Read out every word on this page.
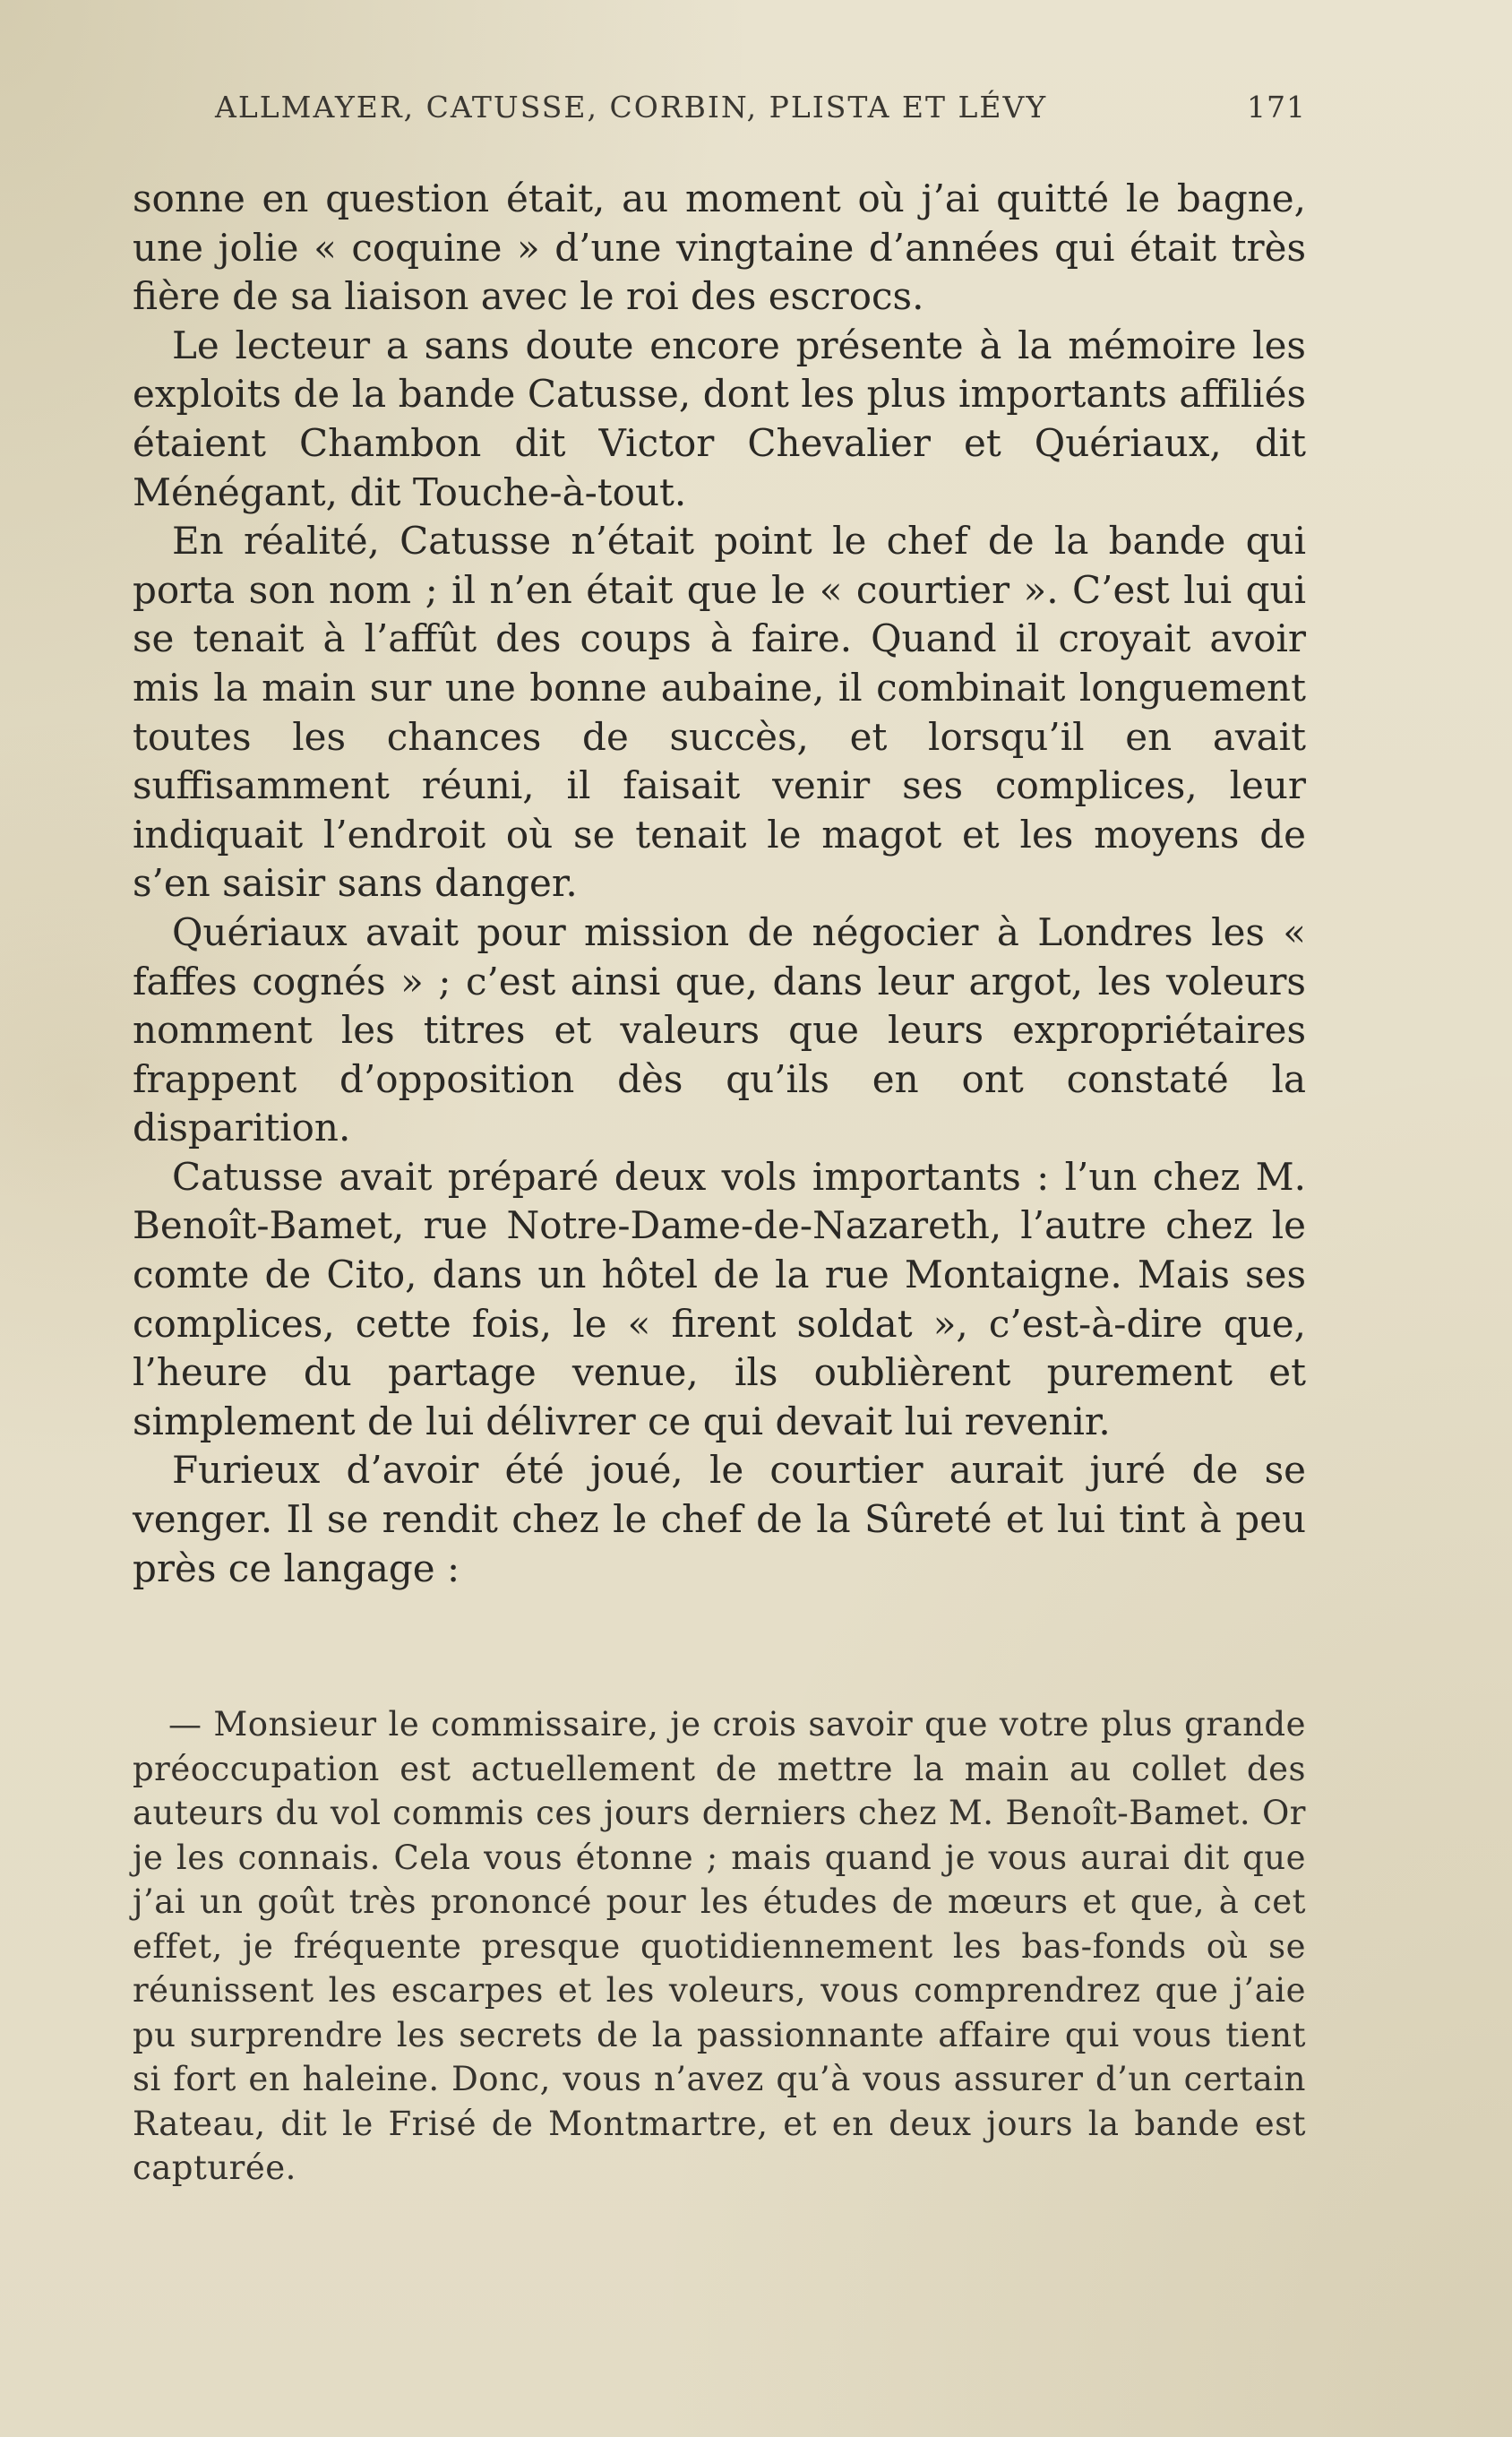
ALLMAYER, CATUSSE, CORBIN, PLISTA ET LÉVY	171

sonne en question était, au moment où j’ai quitté le bagne, une jolie « coquine » d’une vingtaine d’années qui était très fière de sa liaison avec le roi des escrocs.

Le lecteur a sans doute encore présente à la mémoire les exploits de la bande Catusse, dont les plus importants affiliés étaient Chambon dit Victor Chevalier et Quériaux, dit Ménégant, dit Touche-à-tout.

En réalité, Catusse n’était point le chef de la bande qui porta son nom ; il n’en était que le « courtier ». C’est lui qui se tenait à l’affût des coups à faire. Quand il croyait avoir mis la main sur une bonne aubaine, il combinait longuement toutes les chances de succès, et lorsqu’il en avait suffisamment réuni, il faisait venir ses complices, leur indiquait l’endroit où se tenait le magot et les moyens de s’en saisir sans danger.

Quériaux avait pour mission de négocier à Londres les « faffes cognés » ; c’est ainsi que, dans leur argot, les voleurs nomment les titres et valeurs que leurs expropriétaires frappent d’opposition dès qu’ils en ont constaté la disparition.

Catusse avait préparé deux vols importants : l’un chez M. Benoît-Bamet, rue Notre-Dame-de-Nazareth, l’autre chez le comte de Cito, dans un hôtel de la rue Montaigne. Mais ses complices, cette fois, le « firent soldat », c’est-à-dire que, l’heure du partage venue, ils oublièrent purement et simplement de lui délivrer ce qui devait lui revenir.

Furieux d’avoir été joué, le courtier aurait juré de se venger. Il se rendit chez le chef de la Sûreté et lui tint à peu près ce langage :

— Monsieur le commissaire, je crois savoir que votre plus grande préoccupation est actuellement de mettre la main au collet des auteurs du vol commis ces jours derniers chez M. Benoît-Bamet. Or je les connais. Cela vous étonne ; mais quand je vous aurai dit que j’ai un goût très prononcé pour les études de mœurs et que, à cet effet, je fréquente presque quotidiennement les bas-fonds où se réunissent les escarpes et les voleurs, vous comprendrez que j’aie pu surprendre les secrets de la passionnante affaire qui vous tient si fort en haleine. Donc, vous n’avez qu’à vous assurer d’un certain Rateau, dit le Frisé de Montmartre, et en deux jours la bande est capturée.
